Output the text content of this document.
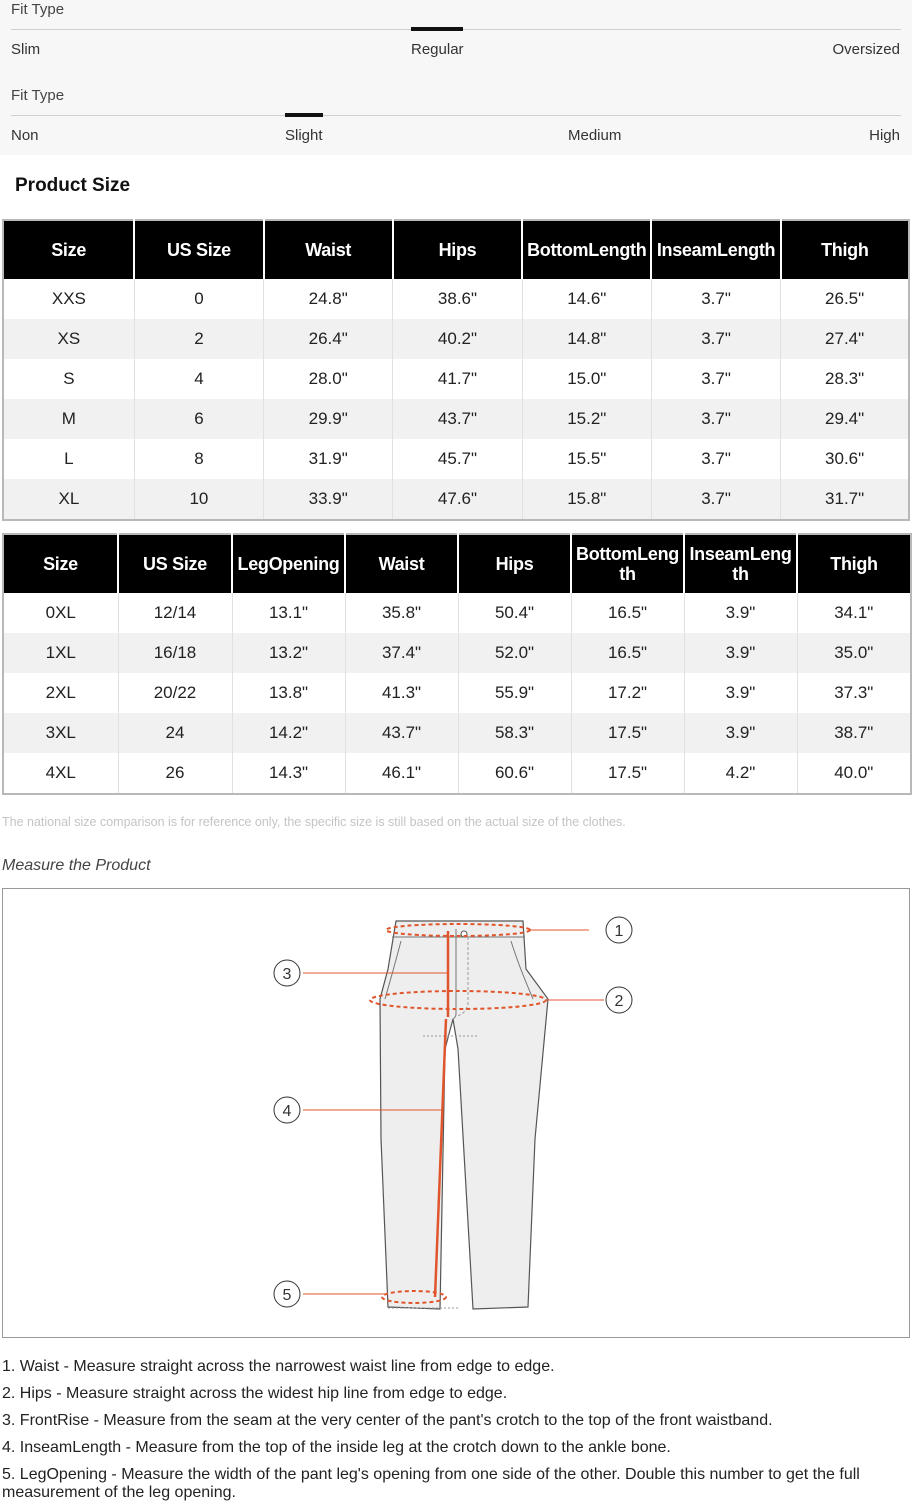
Fit Type
Slim	Regular	Oversized
Fit Type
Non	Slight	Medium	High
Product Size
Size	US Size	Waist	Hips	BottomLength	InseamLength	Thigh
XXS	0	24.8"	38.6"	14.6"	3.7"	26.5"
XS	2	26.4"	40.2"	14.8"	3.7"	27.4"
S	4	28.0"	41.7"	15.0"	3.7"	28.3"
M	6	29.9"	43.7"	15.2"	3.7"	29.4"
L	8	31.9"	45.7"	15.5"	3.7"	30.6"
XL	10	33.9"	47.6"	15.8"	3.7"	31.7"
Size	US Size	LegOpening	Waist	Hips	BottomLength	InseamLength	Thigh
0XL	12/14	13.1"	35.8"	50.4"	16.5"	3.9"	34.1"
1XL	16/18	13.2"	37.4"	52.0"	16.5"	3.9"	35.0"
2XL	20/22	13.8"	41.3"	55.9"	17.2"	3.9"	37.3"
3XL	24	14.2"	43.7"	58.3"	17.5"	3.9"	38.7"
4XL	26	14.3"	46.1"	60.6"	17.5"	4.2"	40.0"
The national size comparison is for reference only, the specific size is still based on the actual size of the clothes.
Measure the Product
1
2
3
4
5
1. Waist - Measure straight across the narrowest waist line from edge to edge.
2. Hips - Measure straight across the widest hip line from edge to edge.
3. FrontRise - Measure from the seam at the very center of the pant's crotch to the top of the front waistband.
4. InseamLength - Measure from the top of the inside leg at the crotch down to the ankle bone.
5. LegOpening - Measure the width of the pant leg's opening from one side of the other. Double this number to get the full measurement of the leg opening.
